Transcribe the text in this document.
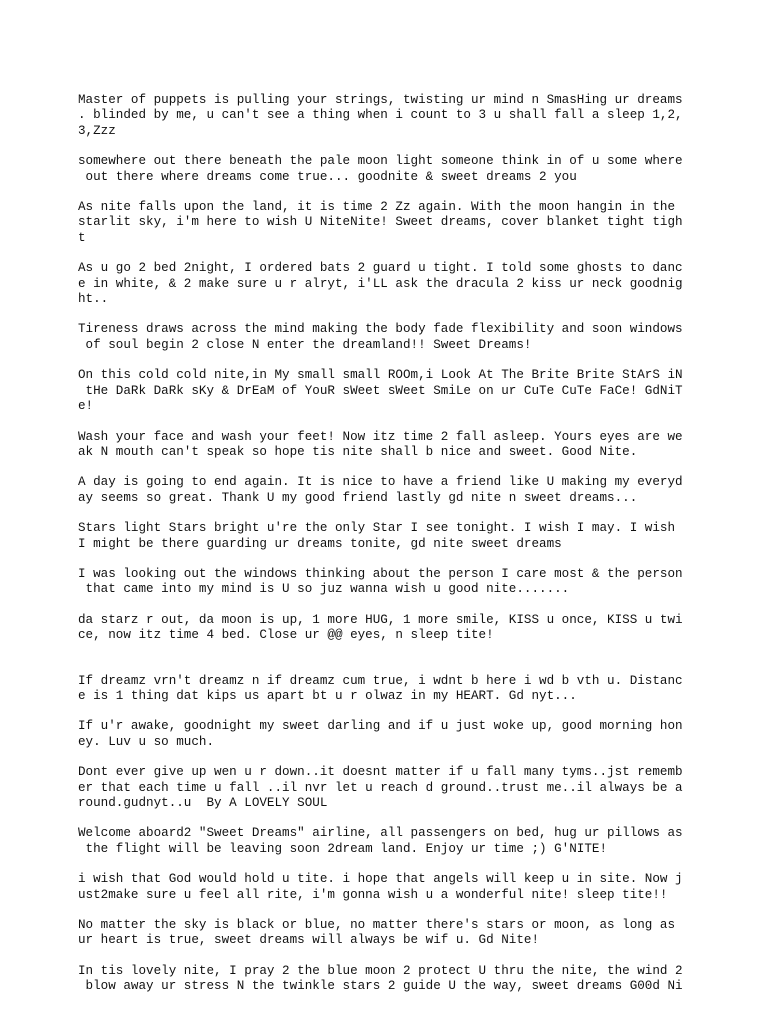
Master of puppets is pulling your strings, twisting ur mind n SmasHing ur dreams
. blinded by me, u can't see a thing when i count to 3 u shall fall a sleep 1,2,
3,Zzz
somewhere out there beneath the pale moon light someone think in of u some where
out there where dreams come true... goodnite & sweet dreams 2 you
As nite falls upon the land, it is time 2 Zz again. With the moon hangin in the
starlit sky, i'm here to wish U NiteNite! Sweet dreams, cover blanket tight tigh
t
As u go 2 bed 2night, I ordered bats 2 guard u tight. I told some ghosts to danc
e in white, & 2 make sure u r alryt, i'LL ask the dracula 2 kiss ur neck goodnig
ht..
Tireness draws across the mind making the body fade flexibility and soon windows
of soul begin 2 close N enter the dreamland!! Sweet Dreams!
On this cold cold nite,in My small small ROOm,i Look At The Brite Brite StArS iN
tHe DaRk DaRk sKy & DrEaM of YouR sWeet sWeet SmiLe on ur CuTe CuTe FaCe! GdNiT
e!
Wash your face and wash your feet! Now itz time 2 fall asleep. Yours eyes are we
ak N mouth can't speak so hope tis nite shall b nice and sweet. Good Nite.
A day is going to end again. It is nice to have a friend like U making my everyd
ay seems so great. Thank U my good friend lastly gd nite n sweet dreams...
Stars light Stars bright u're the only Star I see tonight. I wish I may. I wish
I might be there guarding ur dreams tonite, gd nite sweet dreams
I was looking out the windows thinking about the person I care most & the person
that came into my mind is U so juz wanna wish u good nite.......
da starz r out, da moon is up, 1 more HUG, 1 more smile, KISS u once, KISS u twi
ce, now itz time 4 bed. Close ur @@ eyes, n sleep tite!
If dreamz vrn't dreamz n if dreamz cum true, i wdnt b here i wd b vth u. Distanc
e is 1 thing dat kips us apart bt u r olwaz in my HEART. Gd nyt...
If u'r awake, goodnight my sweet darling and if u just woke up, good morning hon
ey. Luv u so much.
Dont ever give up wen u r down..it doesnt matter if u fall many tyms..jst rememb
er that each time u fall ..il nvr let u reach d ground..trust me..il always be a
round.gudnyt..u  By A LOVELY SOUL
Welcome aboard2 "Sweet Dreams" airline, all passengers on bed, hug ur pillows as
the flight will be leaving soon 2dream land. Enjoy ur time ;) G'NITE!
i wish that God would hold u tite. i hope that angels will keep u in site. Now j
ust2make sure u feel all rite, i'm gonna wish u a wonderful nite! sleep tite!!
No matter the sky is black or blue, no matter there's stars or moon, as long as
ur heart is true, sweet dreams will always be wif u. Gd Nite!
In tis lovely nite, I pray 2 the blue moon 2 protect U thru the nite, the wind 2
blow away ur stress N the twinkle stars 2 guide U the way, sweet dreams G00d Ni
